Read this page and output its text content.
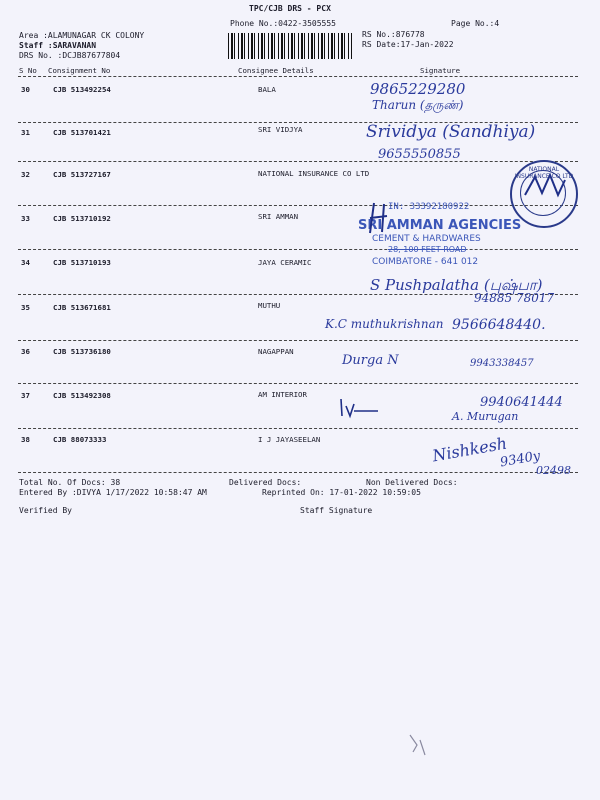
TPC/CJB DRS - PCX
Phone No.:0422-3505555	Page No.:4
Area :ALAMUNAGAR CK COLONY
Staff :SARAVANAN
DRS No. :DCJB87677804
RS No.:876778
RS Date:17-Jan-2022
S No Consignment No	Consignee Details	Signature
30	CJB 513492254	BALA
31	CJB 513701421	SRI VIDJYA
32	CJB 513727167	NATIONAL INSURANCE CO LTD
33	CJB 513710192	SRI AMMAN
34	CJB 513710193	JAYA CERAMIC
35	CJB 513671681	MUTHU
36	CJB 513736180	NAGAPPAN
37	CJB 513492308	AM INTERIOR
38	CJB 88073333	I J JAYASEELAN
9865229280
Tharun (தருண்)
Srividya (Sandhiya)
9655550855
NATIONAL INSURANCE CO LTD
IN: 33392180922
SRI AMMAN AGENCIES
CEMENT & HARDWARES
28, 100 FEET ROAD
COIMBATORE - 641 012
S Pushpalatha (புஷ்பா)
94885 78017
K.C muthukrishnan 9566648440.
Durga N	9943338457
9940641444
A. Murugan
Nishkesh
9340y
02498
Total No. Of Docs: 38	Delivered Docs:	Non Delivered Docs:
Entered By :DIVYA 1/17/2022 10:58:47 AM	Reprinted On: 17-01-2022 10:59:05
Verified By	Staff Signature
